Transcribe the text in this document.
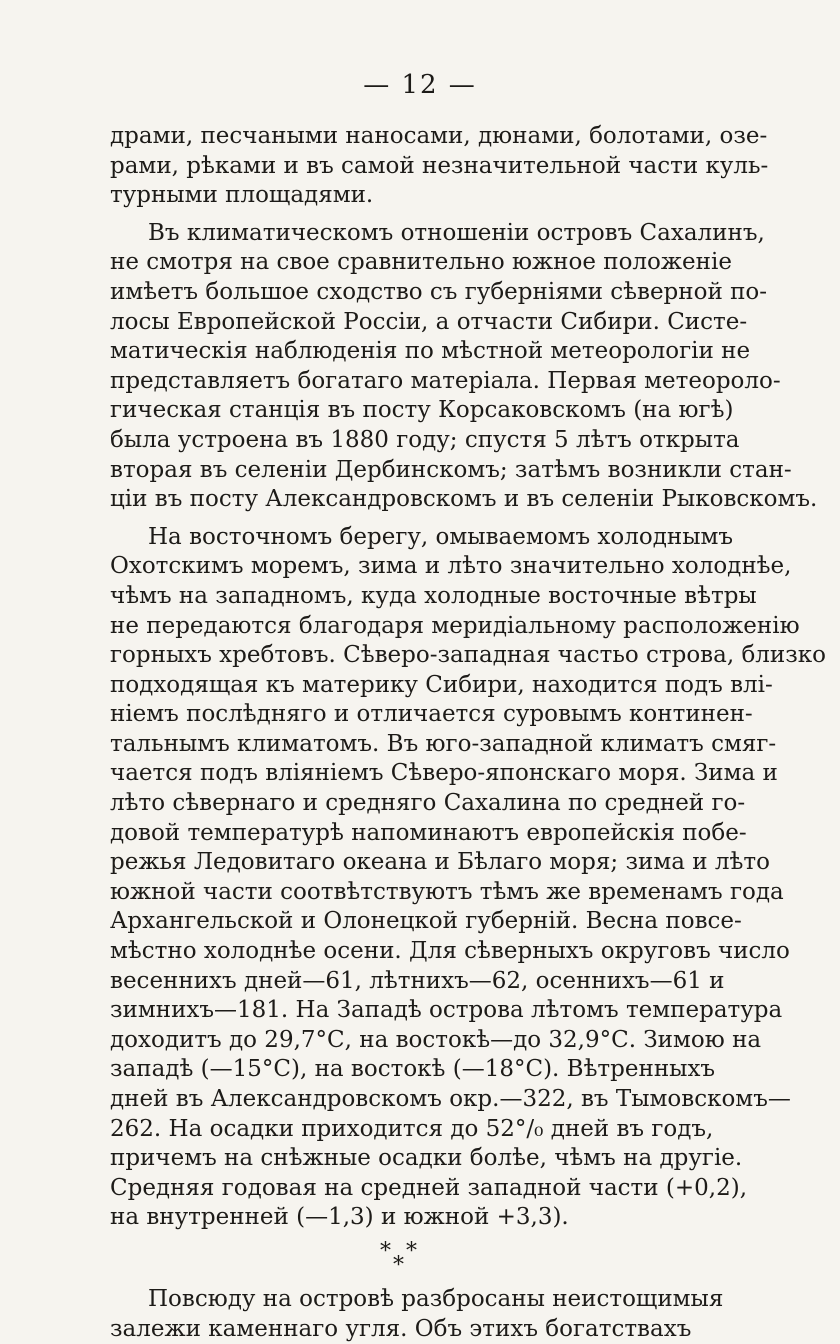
— 12 —
драми, песчаными наносами, дюнами, болотами, озе-
рами, рѣками и въ самой незначительной части куль-
турными площадями.
Въ климатическомъ отношеніи островъ Сахалинъ,
не смотря на свое сравнительно южное положеніе
имѣетъ большое сходство съ губерніями сѣверной по-
лосы Европейской Россіи, а отчасти Сибири. Систе-
матическія наблюденія по мѣстной метеорологіи не
представляетъ богатаго матеріала. Первая метеороло-
гическая станція въ посту Корсаковскомъ (на югѣ)
была устроена въ 1880 году; спустя 5 лѣтъ открыта
вторая въ селеніи Дербинскомъ; затѣмъ возникли стан-
ціи въ посту Александровскомъ и въ селеніи Рыковскомъ.
На восточномъ берегу, омываемомъ холоднымъ
Охотскимъ моремъ, зима и лѣто значительно холоднѣе,
чѣмъ на западномъ, куда холодные восточные вѣтры
не передаются благодаря меридіальному расположенію
горныхъ хребтовъ. Сѣверо-западная частьо строва, близко
подходящая къ материку Сибири, находится подъ влі-
ніемъ послѣдняго и отличается суровымъ континен-
тальнымъ климатомъ. Въ юго-западной климатъ смяг-
чается подъ вліяніемъ Сѣверо-японскаго моря. Зима и
лѣто сѣвернаго и средняго Сахалина по средней го-
довой температурѣ напоминаютъ европейскія побе-
режья Ледовитаго океана и Бѣлаго моря; зима и лѣто
южной части соотвѣтствуютъ тѣмъ же временамъ года
Архангельской и Олонецкой губерній. Весна повсе-
мѣстно холоднѣе осени. Для сѣверныхъ округовъ число
весеннихъ дней—61, лѣтнихъ—62, осеннихъ—61 и
зимнихъ—181. На Западѣ острова лѣтомъ температура
доходитъ до 29,7°С, на востокѣ—до 32,9°С. Зимою на
западѣ (—15°С), на востокѣ (—18°С). Вѣтренныхъ
дней въ Александровскомъ окр.—322, въ Тымовскомъ—
262. На осадки приходится до 52°/₀ дней въ годъ,
причемъ на снѣжные осадки болѣе, чѣмъ на другіе.
Средняя годовая на средней западной части (+0,2),
на внутренней (—1,3) и южной +3,3).
* *
*
Повсюду на островѣ разбросаны неистощимыя
залежи каменнаго угля. Объ этихъ богатствахъ
